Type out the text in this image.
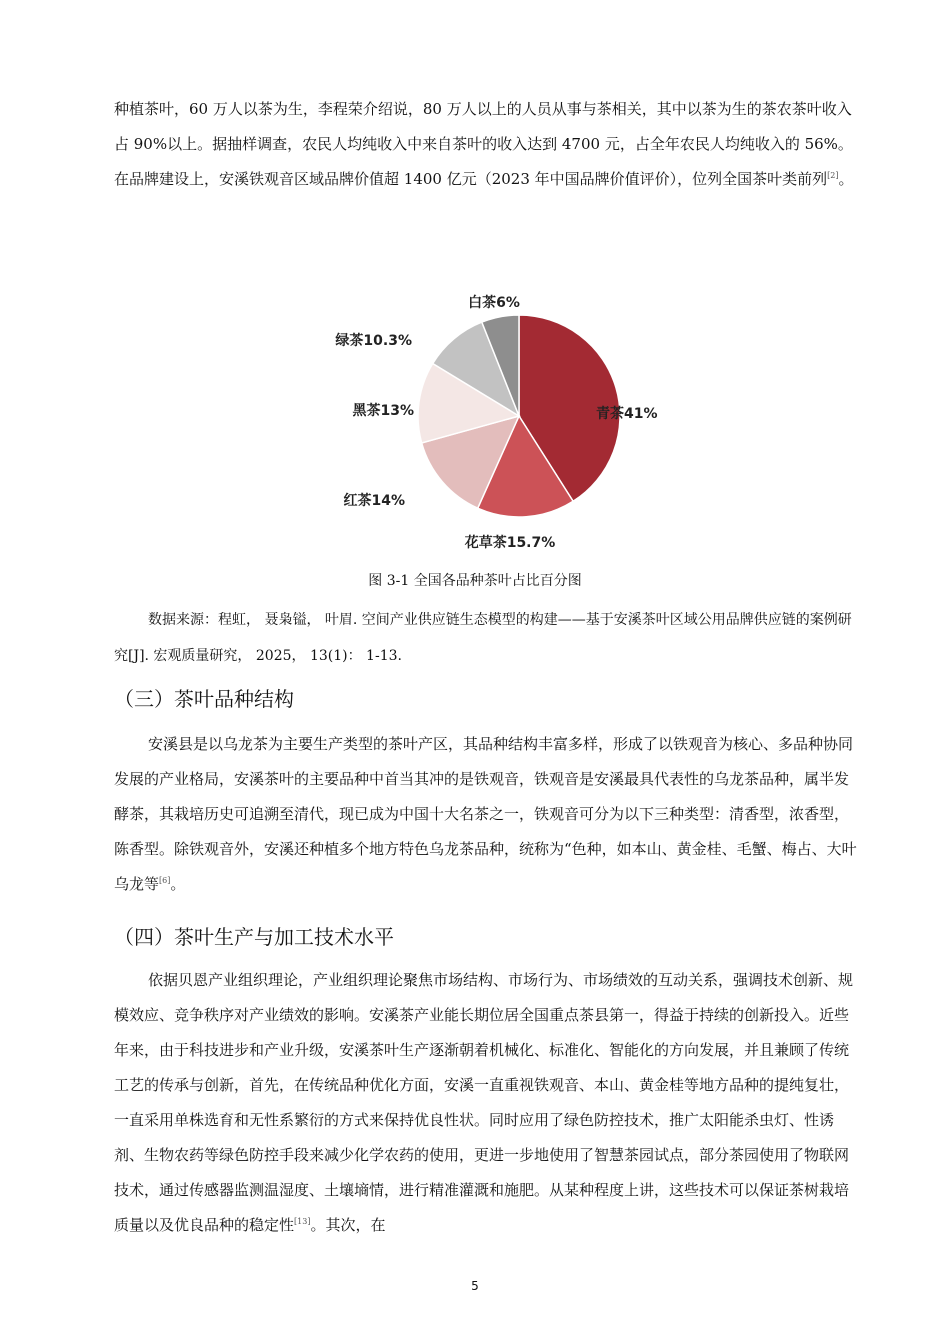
种植茶叶，60 万人以茶为生，李程荣介绍说，80 万人以上的人员从事与茶相关，其中以茶为生的茶农茶叶收入占 90%以上。据抽样调查，农民人均纯收入中来自茶叶的收入达到 4700 元，占全年农民人均纯收入的 56%。在品牌建设上，安溪铁观音区域品牌价值超 1400 亿元（2023 年中国品牌价值评价），位列全国茶叶类前列[2]。

青茶41%
花草茶15.7%
红茶14%
黑茶13%
绿茶10.3%
白茶6%
图 3-1 全国各品种茶叶占比百分图

数据来源：程虹， 聂枭镒， 叶眉. 空间产业供应链生态模型的构建——基于安溪茶叶区域公用品牌供应链的案例研究[J]. 宏观质量研究， 2025， 13(1)： 1-13.

（三）茶叶品种结构

安溪县是以乌龙茶为主要生产类型的茶叶产区，其品种结构丰富多样，形成了以铁观音为核心、多品种协同发展的产业格局，安溪茶叶的主要品种中首当其冲的是铁观音，铁观音是安溪最具代表性的乌龙茶品种，属半发酵茶，其栽培历史可追溯至清代，现已成为中国十大名茶之一，铁观音可分为以下三种类型：清香型，浓香型，陈香型。除铁观音外，安溪还种植多个地方特色乌龙茶品种，统称为“色种，如本山、黄金桂、毛蟹、梅占、大叶乌龙等[6]。

（四）茶叶生产与加工技术水平

依据贝恩产业组织理论，产业组织理论聚焦市场结构、市场行为、市场绩效的互动关系，强调技术创新、规模效应、竞争秩序对产业绩效的影响。安溪茶产业能长期位居全国重点茶县第一，得益于持续的创新投入。近些年来，由于科技进步和产业升级，安溪茶叶生产逐渐朝着机械化、标准化、智能化的方向发展，并且兼顾了传统工艺的传承与创新，首先，在传统品种优化方面，安溪一直重视铁观音、本山、黄金桂等地方品种的提纯复壮，一直采用单株选育和无性系繁衍的方式来保持优良性状。同时应用了绿色防控技术，推广太阳能杀虫灯、性诱剂、生物农药等绿色防控手段来减少化学农药的使用，更进一步地使用了智慧茶园试点，部分茶园使用了物联网技术，通过传感器监测温湿度、土壤墒情，进行精准灌溉和施肥。从某种程度上讲，这些技术可以保证茶树栽培质量以及优良品种的稳定性[13]。其次，在

5
